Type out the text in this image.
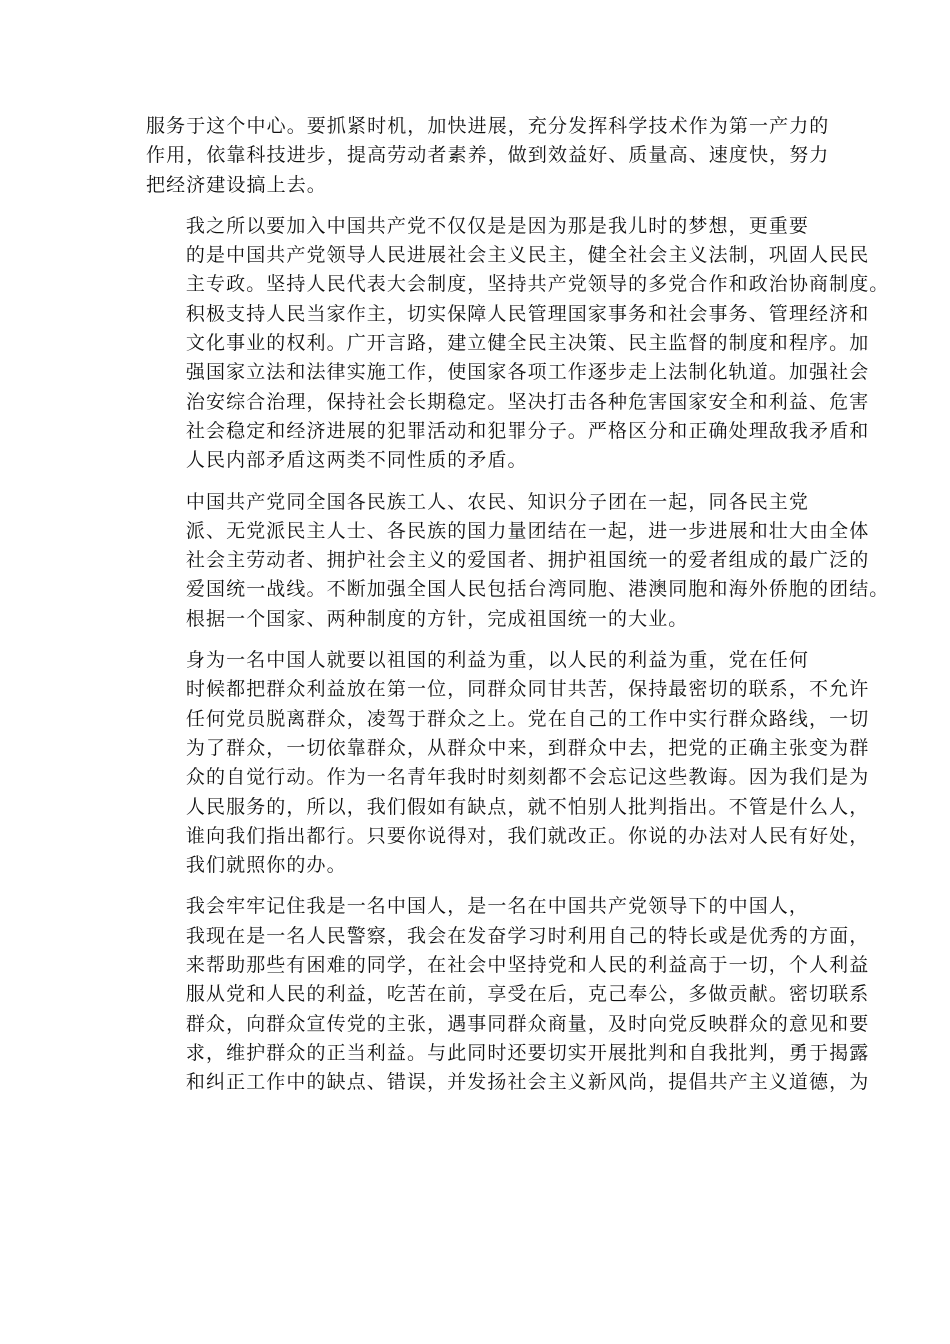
服务于这个中心。要抓紧时机，加快进展，充分发挥科学技术作为第一产力的
作用，依靠科技进步，提高劳动者素养，做到效益好、质量高、速度快，努力
把经济建设搞上去。
我之所以要加入中国共产党不仅仅是是因为那是我儿时的梦想，更重要
的是中国共产党领导人民进展社会主义民主，健全社会主义法制，巩固人民民
主专政。坚持人民代表大会制度，坚持共产党领导的多党合作和政治协商制度。
积极支持人民当家作主，切实保障人民管理国家事务和社会事务、管理经济和
文化事业的权利。广开言路，建立健全民主决策、民主监督的制度和程序。加
强国家立法和法律实施工作，使国家各项工作逐步走上法制化轨道。加强社会
治安综合治理，保持社会长期稳定。坚决打击各种危害国家安全和利益、危害
社会稳定和经济进展的犯罪活动和犯罪分子。严格区分和正确处理敌我矛盾和
人民内部矛盾这两类不同性质的矛盾。
中国共产党同全国各民族工人、农民、知识分子团在一起，同各民主党
派、无党派民主人士、各民族的国力量团结在一起，进一步进展和壮大由全体
社会主劳动者、拥护社会主义的爱国者、拥护祖国统一的爱者组成的最广泛的
爱国统一战线。不断加强全国人民包括台湾同胞、港澳同胞和海外侨胞的团结。
根据一个国家、两种制度的方针，完成祖国统一的大业。
身为一名中国人就要以祖国的利益为重，以人民的利益为重，党在任何
时候都把群众利益放在第一位，同群众同甘共苦，保持最密切的联系，不允许
任何党员脱离群众，凌驾于群众之上。党在自己的工作中实行群众路线，一切
为了群众，一切依靠群众，从群众中来，到群众中去，把党的正确主张变为群
众的自觉行动。作为一名青年我时时刻刻都不会忘记这些教诲。因为我们是为
人民服务的，所以，我们假如有缺点，就不怕别人批判指出。不管是什么人，
谁向我们指出都行。只要你说得对，我们就改正。你说的办法对人民有好处，
我们就照你的办。
我会牢牢记住我是一名中国人，是一名在中国共产党领导下的中国人，
我现在是一名人民警察，我会在发奋学习时利用自己的特长或是优秀的方面，
来帮助那些有困难的同学，在社会中坚持党和人民的利益高于一切，个人利益
服从党和人民的利益，吃苦在前，享受在后，克己奉公，多做贡献。密切联系
群众，向群众宣传党的主张，遇事同群众商量，及时向党反映群众的意见和要
求，维护群众的正当利益。与此同时还要切实开展批判和自我批判，勇于揭露
和纠正工作中的缺点、错误，并发扬社会主义新风尚，提倡共产主义道德，为
